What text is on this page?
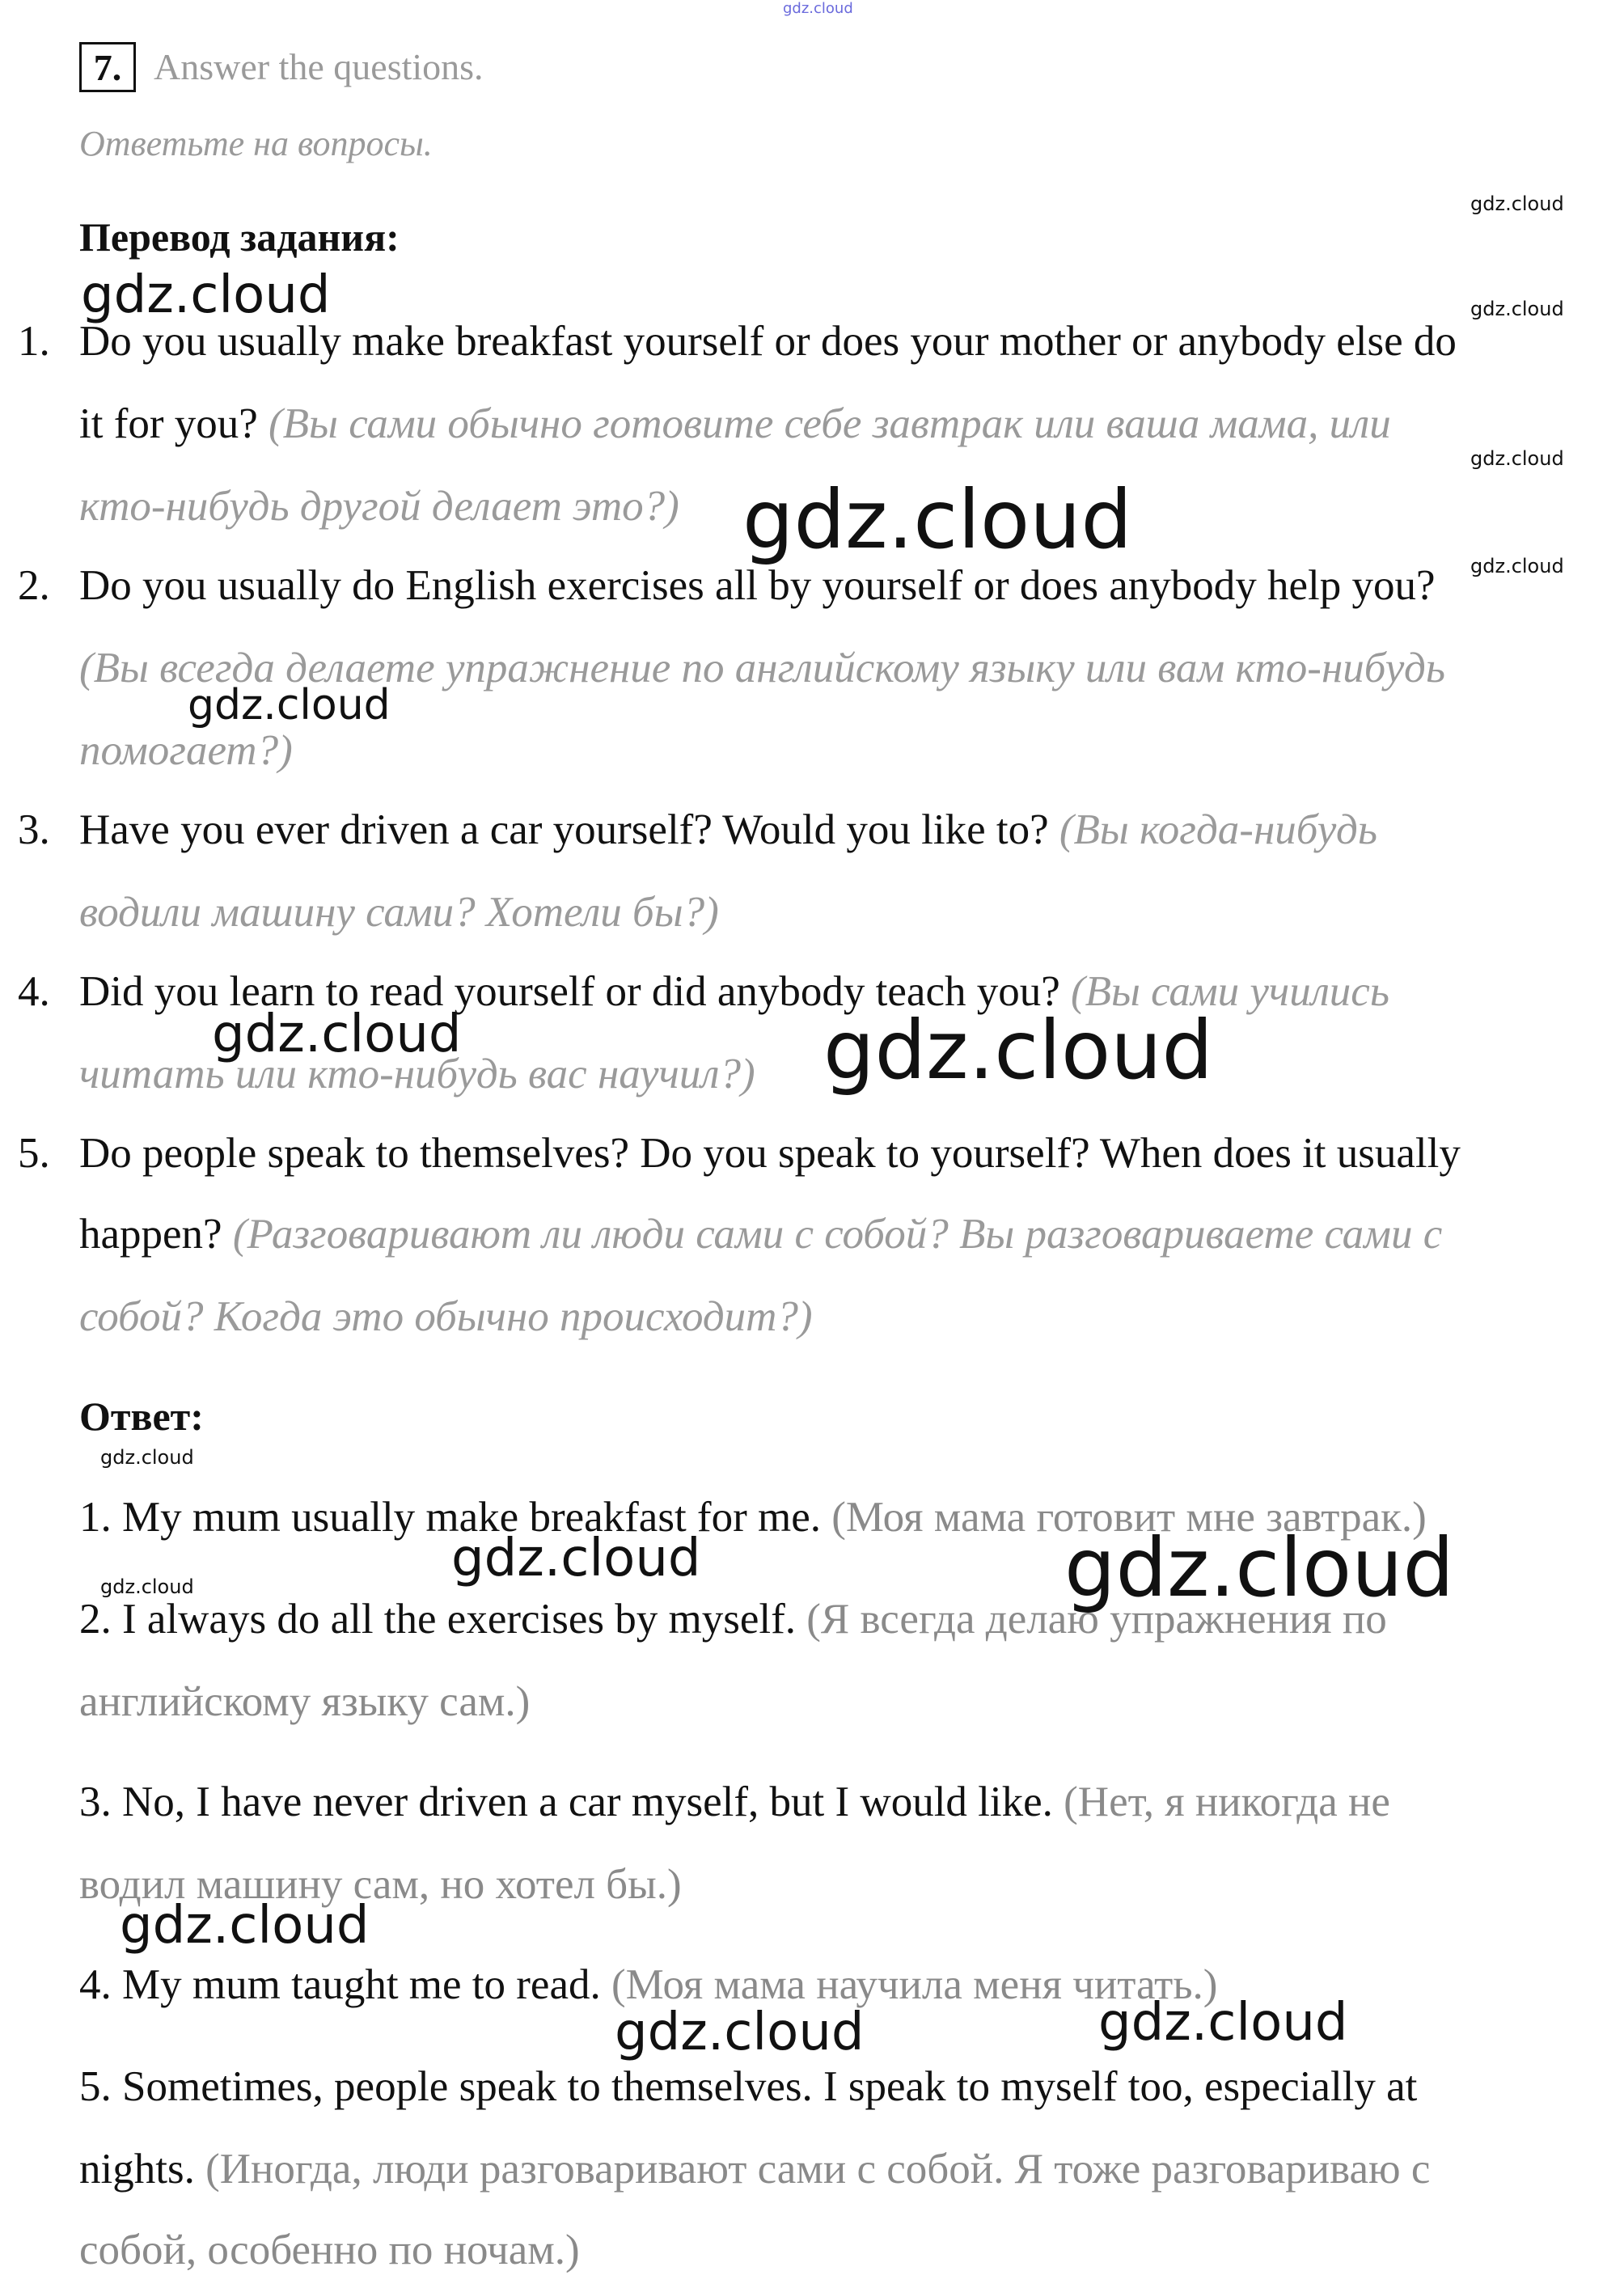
gdz.cloud
gdz.cloud
gdz.cloud
gdz.cloud
gdz.cloud
gdz.cloud
gdz.cloud
gdz.cloud
gdz.cloud	gdz.cloud
gdz.cloud
gdz.cloud	gdz.cloud
gdz.cloud
gdz.cloud
gdz.cloud	gdz.cloud
7. Answer the questions.
Ответьте на вопросы.
Перевод задания:
1. Do you usually make breakfast yourself or does your mother or anybody else do
it for you? (Вы сами обычно готовите себе завтрак или ваша мама, или
кто-нибудь другой делает это?)
2. Do you usually do English exercises all by yourself or does anybody help you?
(Вы всегда делаете упражнение по английскому языку или вам кто-нибудь
помогает?)
3. Have you ever driven a car yourself? Would you like to? (Вы когда-нибудь
водили машину сами? Хотели бы?)
4. Did you learn to read yourself or did anybody teach you? (Вы сами учились
читать или кто-нибудь вас научил?)
5. Do people speak to themselves? Do you speak to yourself? When does it usually
happen? (Разговаривают ли люди сами с собой? Вы разговариваете сами с
собой? Когда это обычно происходит?)
Ответ:
1. My mum usually make breakfast for me. (Моя мама готовит мне завтрак.)
2. I always do all the exercises by myself. (Я всегда делаю упражнения по
английскому языку сам.)
3. No, I have never driven a car myself, but I would like. (Нет, я никогда не
водил машину сам, но хотел бы.)
4. My mum taught me to read. (Моя мама научила меня читать.)
5. Sometimes, people speak to themselves. I speak to myself too, especially at
nights. (Иногда, люди разговаривают сами с собой. Я тоже разговариваю с
собой, особенно по ночам.)
